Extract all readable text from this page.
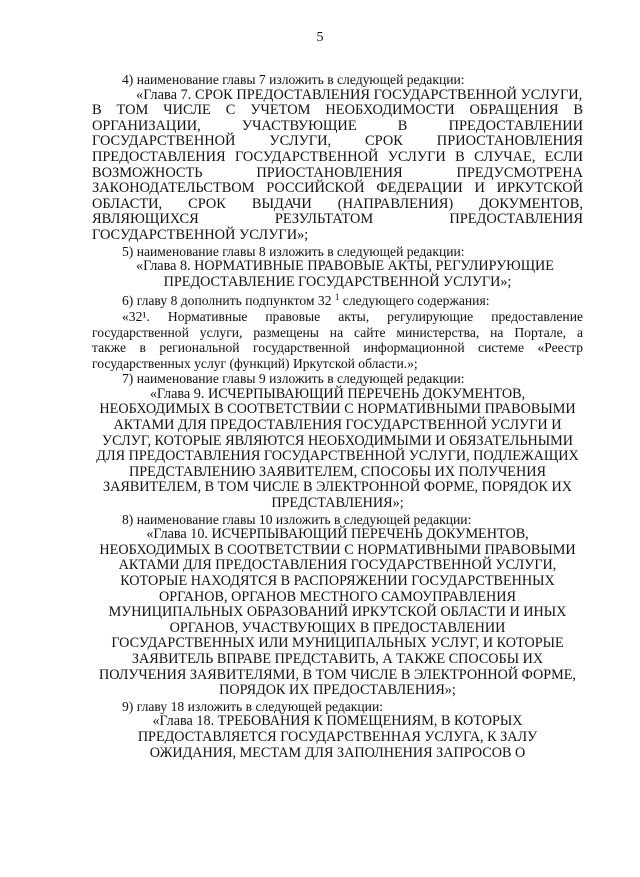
5
4) наименование главы 7 изложить в следующей редакции:
«Глава 7. СРОК ПРЕДОСТАВЛЕНИЯ ГОСУДАРСТВЕННОЙ УСЛУГИ,
В ТОМ ЧИСЛЕ С УЧЕТОМ НЕОБХОДИМОСТИ ОБРАЩЕНИЯ В
ОРГАНИЗАЦИИ, УЧАСТВУЮЩИЕ В ПРЕДОСТАВЛЕНИИ
ГОСУДАРСТВЕННОЙ УСЛУГИ, СРОК ПРИОСТАНОВЛЕНИЯ
ПРЕДОСТАВЛЕНИЯ ГОСУДАРСТВЕННОЙ УСЛУГИ В СЛУЧАЕ, ЕСЛИ
ВОЗМОЖНОСТЬ ПРИОСТАНОВЛЕНИЯ ПРЕДУСМОТРЕНА
ЗАКОНОДАТЕЛЬСТВОМ РОССИЙСКОЙ ФЕДЕРАЦИИ И ИРКУТСКОЙ
ОБЛАСТИ, СРОК ВЫДАЧИ (НАПРАВЛЕНИЯ) ДОКУМЕНТОВ,
ЯВЛЯЮЩИХСЯ РЕЗУЛЬТАТОМ ПРЕДОСТАВЛЕНИЯ
ГОСУДАРСТВЕННОЙ УСЛУГИ»;
5) наименование главы 8 изложить в следующей редакции:
«Глава 8. НОРМАТИВНЫЕ ПРАВОВЫЕ АКТЫ, РЕГУЛИРУЮЩИЕ
ПРЕДОСТАВЛЕНИЕ ГОСУДАРСТВЕННОЙ УСЛУГИ»;
6) главу 8 дополнить подпунктом 32 $^1$ следующего содержания:
«32¹. Нормативные правовые акты, регулирующие предоставление
государственной услуги, размещены на сайте министерства, на Портале, а
также в региональной государственной информационной системе «Реестр
государственных услуг (функций) Иркутской области.»;
7) наименование главы 9 изложить в следующей редакции:
«Глава 9. ИСЧЕРПЫВАЮЩИЙ ПЕРЕЧЕНЬ ДОКУМЕНТОВ,
НЕОБХОДИМЫХ В СООТВЕТСТВИИ С НОРМАТИВНЫМИ ПРАВОВЫМИ
АКТАМИ ДЛЯ ПРЕДОСТАВЛЕНИЯ ГОСУДАРСТВЕННОЙ УСЛУГИ И
УСЛУГ, КОТОРЫЕ ЯВЛЯЮТСЯ НЕОБХОДИМЫМИ И ОБЯЗАТЕЛЬНЫМИ
ДЛЯ ПРЕДОСТАВЛЕНИЯ ГОСУДАРСТВЕННОЙ УСЛУГИ, ПОДЛЕЖАЩИХ
ПРЕДСТАВЛЕНИЮ ЗАЯВИТЕЛЕМ, СПОСОБЫ ИХ ПОЛУЧЕНИЯ
ЗАЯВИТЕЛЕМ, В ТОМ ЧИСЛЕ В ЭЛЕКТРОННОЙ ФОРМЕ, ПОРЯДОК ИХ
ПРЕДСТАВЛЕНИЯ»;
8) наименование главы 10 изложить в следующей редакции:
«Глава 10. ИСЧЕРПЫВАЮЩИЙ ПЕРЕЧЕНЬ ДОКУМЕНТОВ,
НЕОБХОДИМЫХ В СООТВЕТСТВИИ С НОРМАТИВНЫМИ ПРАВОВЫМИ
АКТАМИ ДЛЯ ПРЕДОСТАВЛЕНИЯ ГОСУДАРСТВЕННОЙ УСЛУГИ,
КОТОРЫЕ НАХОДЯТСЯ В РАСПОРЯЖЕНИИ ГОСУДАРСТВЕННЫХ
ОРГАНОВ, ОРГАНОВ МЕСТНОГО САМОУПРАВЛЕНИЯ
МУНИЦИПАЛЬНЫХ ОБРАЗОВАНИЙ ИРКУТСКОЙ ОБЛАСТИ И ИНЫХ
ОРГАНОВ, УЧАСТВУЮЩИХ В ПРЕДОСТАВЛЕНИИ
ГОСУДАРСТВЕННЫХ ИЛИ МУНИЦИПАЛЬНЫХ УСЛУГ, И КОТОРЫЕ
ЗАЯВИТЕЛЬ ВПРАВЕ ПРЕДСТАВИТЬ, А ТАКЖЕ СПОСОБЫ ИХ
ПОЛУЧЕНИЯ ЗАЯВИТЕЛЯМИ, В ТОМ ЧИСЛЕ В ЭЛЕКТРОННОЙ ФОРМЕ,
ПОРЯДОК ИХ ПРЕДОСТАВЛЕНИЯ»;
9) главу 18 изложить в следующей редакции:
«Глава 18. ТРЕБОВАНИЯ К ПОМЕЩЕНИЯМ, В КОТОРЫХ
ПРЕДОСТАВЛЯЕТСЯ ГОСУДАРСТВЕННАЯ УСЛУГА, К ЗАЛУ
ОЖИДАНИЯ, МЕСТАМ ДЛЯ ЗАПОЛНЕНИЯ ЗАПРОСОВ О
